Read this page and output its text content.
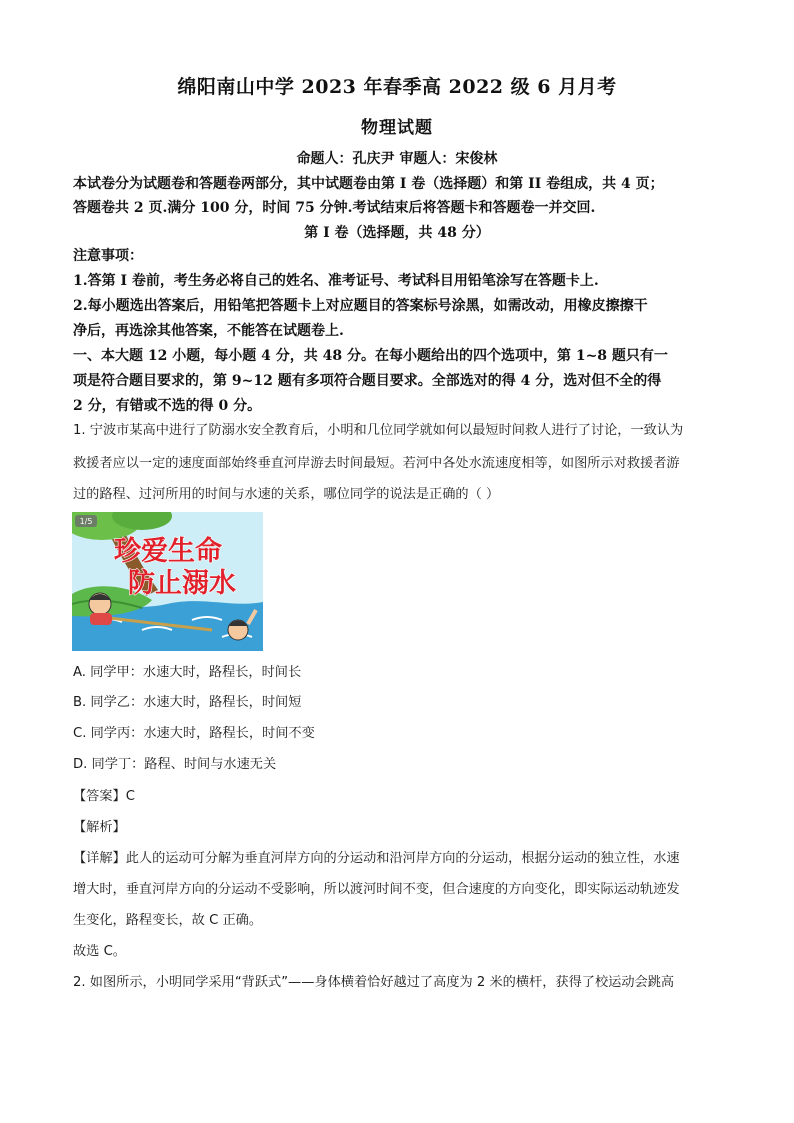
绵阳南山中学 2023 年春季高 2022 级 6 月月考
物理试题
命题人：孔庆尹 审题人：宋俊林
本试卷分为试题卷和答题卷两部分，其中试题卷由第 I 卷（选择题）和第 II 卷组成，共 4 页；
答题卷共 2 页.满分 100 分，时间 75 分钟.考试结束后将答题卡和答题卷一并交回.
第 I 卷（选择题，共 48 分）
注意事项：
1.答第 I 卷前，考生务必将自己的姓名、准考证号、考试科目用铅笔涂写在答题卡上.
2.每小题选出答案后，用铅笔把答题卡上对应题目的答案标号涂黑，如需改动，用橡皮擦擦干
净后，再选涂其他答案，不能答在试题卷上.
一、本大题 12 小题，每小题 4 分，共 48 分。在每小题给出的四个选项中，第 1~8 题只有一
项是符合题目要求的，第 9~12 题有多项符合题目要求。全部选对的得 4 分，选对但不全的得
2 分，有错或不选的得 0 分。
1. 宁波市某高中进行了防溺水安全教育后，小明和几位同学就如何以最短时间救人进行了讨论，一致认为
救援者应以一定的速度面部始终垂直河岸游去时间最短。若河中各处水流速度相等，如图所示对救援者游
过的路程、过河所用的时间与水速的关系，哪位同学的说法是正确的（ ）
1/5
珍爱生命
防止溺水
A. 同学甲：水速大时，路程长，时间长
B. 同学乙：水速大时，路程长，时间短
C. 同学丙：水速大时，路程长，时间不变
D. 同学丁：路程、时间与水速无关
【答案】C
【解析】
【详解】此人的运动可分解为垂直河岸方向的分运动和沿河岸方向的分运动，根据分运动的独立性，水速
增大时，垂直河岸方向的分运动不受影响，所以渡河时间不变，但合速度的方向变化，即实际运动轨迹发
生变化，路程变长，故 C 正确。
故选 C。
2. 如图所示，小明同学采用“背跃式”——身体横着恰好越过了高度为 2 米的横杆，获得了校运动会跳高
